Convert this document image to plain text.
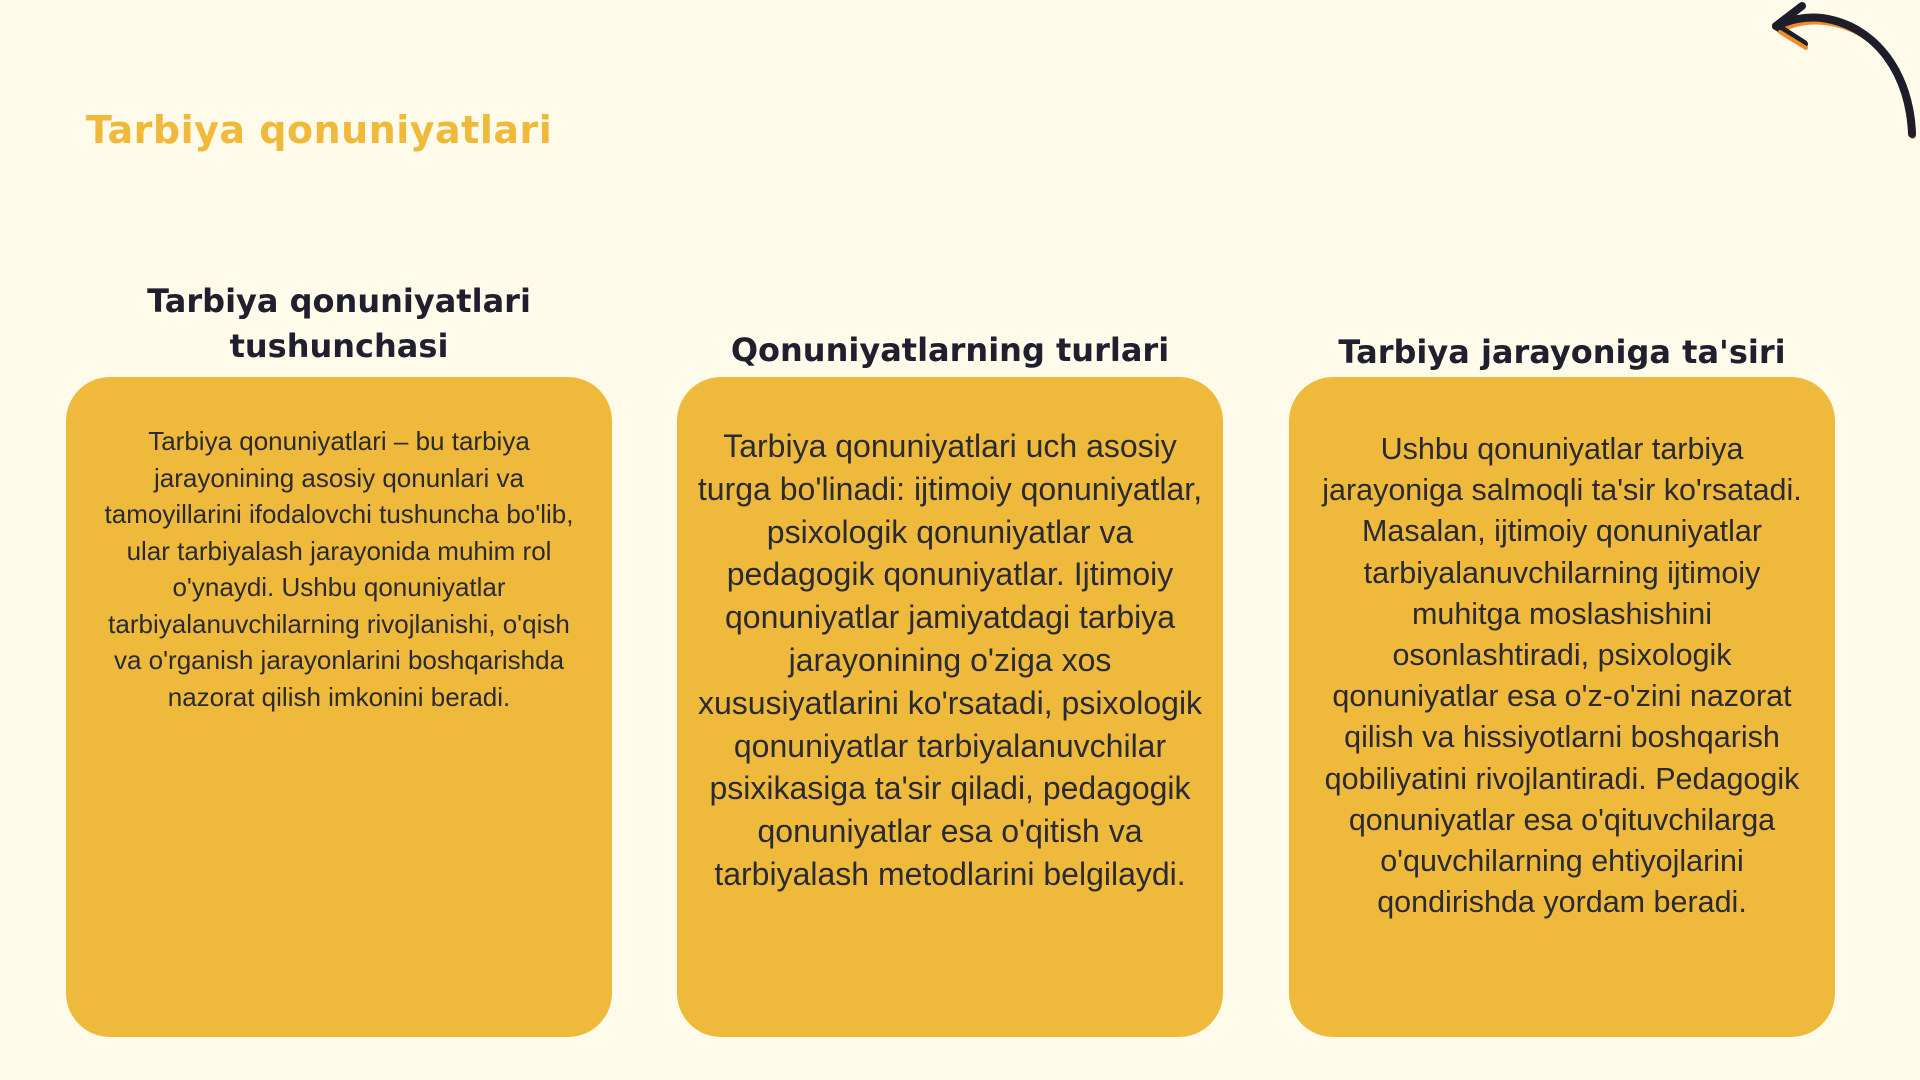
Tarbiya qonuniyatlari
Tarbiya qonuniyatlari tushunchasi

Tarbiya qonuniyatlari – bu tarbiya jarayonining asosiy qonunlari va tamoyillarini ifodalovchi tushuncha bo'lib, ular tarbiyalash jarayonida muhim rol o'ynaydi. Ushbu qonuniyatlar tarbiyalanuvchilarning rivojlanishi, o'qish va o'rganish jarayonlarini boshqarishda nazorat qilish imkonini beradi.

Qonuniyatlarning turlari

Tarbiya qonuniyatlari uch asosiy turga bo'linadi: ijtimoiy qonuniyatlar, psixologik qonuniyatlar va pedagogik qonuniyatlar. Ijtimoiy qonuniyatlar jamiyatdagi tarbiya jarayonining o'ziga xos xususiyatlarini ko'rsatadi, psixologik qonuniyatlar tarbiyalanuvchilar psixikasiga ta'sir qiladi, pedagogik qonuniyatlar esa o'qitish va tarbiyalash metodlarini belgilaydi.

Tarbiya jarayoniga ta'siri

Ushbu qonuniyatlar tarbiya jarayoniga salmoqli ta'sir ko'rsatadi. Masalan, ijtimoiy qonuniyatlar tarbiyalanuvchilarning ijtimoiy muhitga moslashishini osonlashtiradi, psixologik qonuniyatlar esa o'z-o'zini nazorat qilish va hissiyotlarni boshqarish qobiliyatini rivojlantiradi. Pedagogik qonuniyatlar esa o'qituvchilarga o'quvchilarning ehtiyojlarini qondirishda yordam beradi.
